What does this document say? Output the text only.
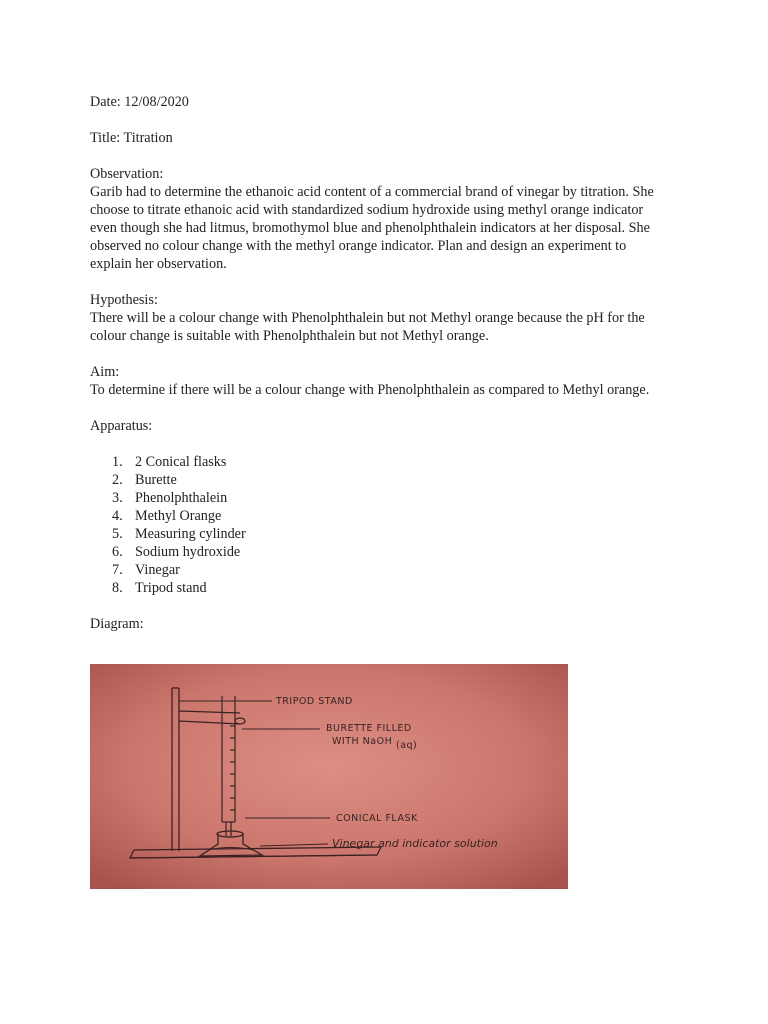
Date: 12/08/2020

Title: Titration

Observation:

Garib had to determine the ethanoic acid content of a commercial brand of vinegar by titration. She choose to titrate ethanoic acid with standardized sodium hydroxide using methyl orange indicator even though she had litmus, bromothymol blue and phenolphthalein indicators at her disposal. She observed no colour change with the methyl orange indicator. Plan and design an experiment to explain her observation.

Hypothesis:

There will be a colour change with Phenolphthalein but not Methyl orange because the pH for the colour change is suitable with Phenolphthalein but not Methyl orange.

Aim:

To determine if there will be a colour change with Phenolphthalein as compared to Methyl orange.

Apparatus:

1. 2 Conical flasks
2. Burette
3. Phenolphthalein
4. Methyl Orange
5. Measuring cylinder
6. Sodium hydroxide
7. Vinegar
8. Tripod stand

Diagram:

TRIPOD STAND
BURETTE FILLED
WITH NaOH (aq)
CONICAL FLASK
Vinegar and indicator solution
